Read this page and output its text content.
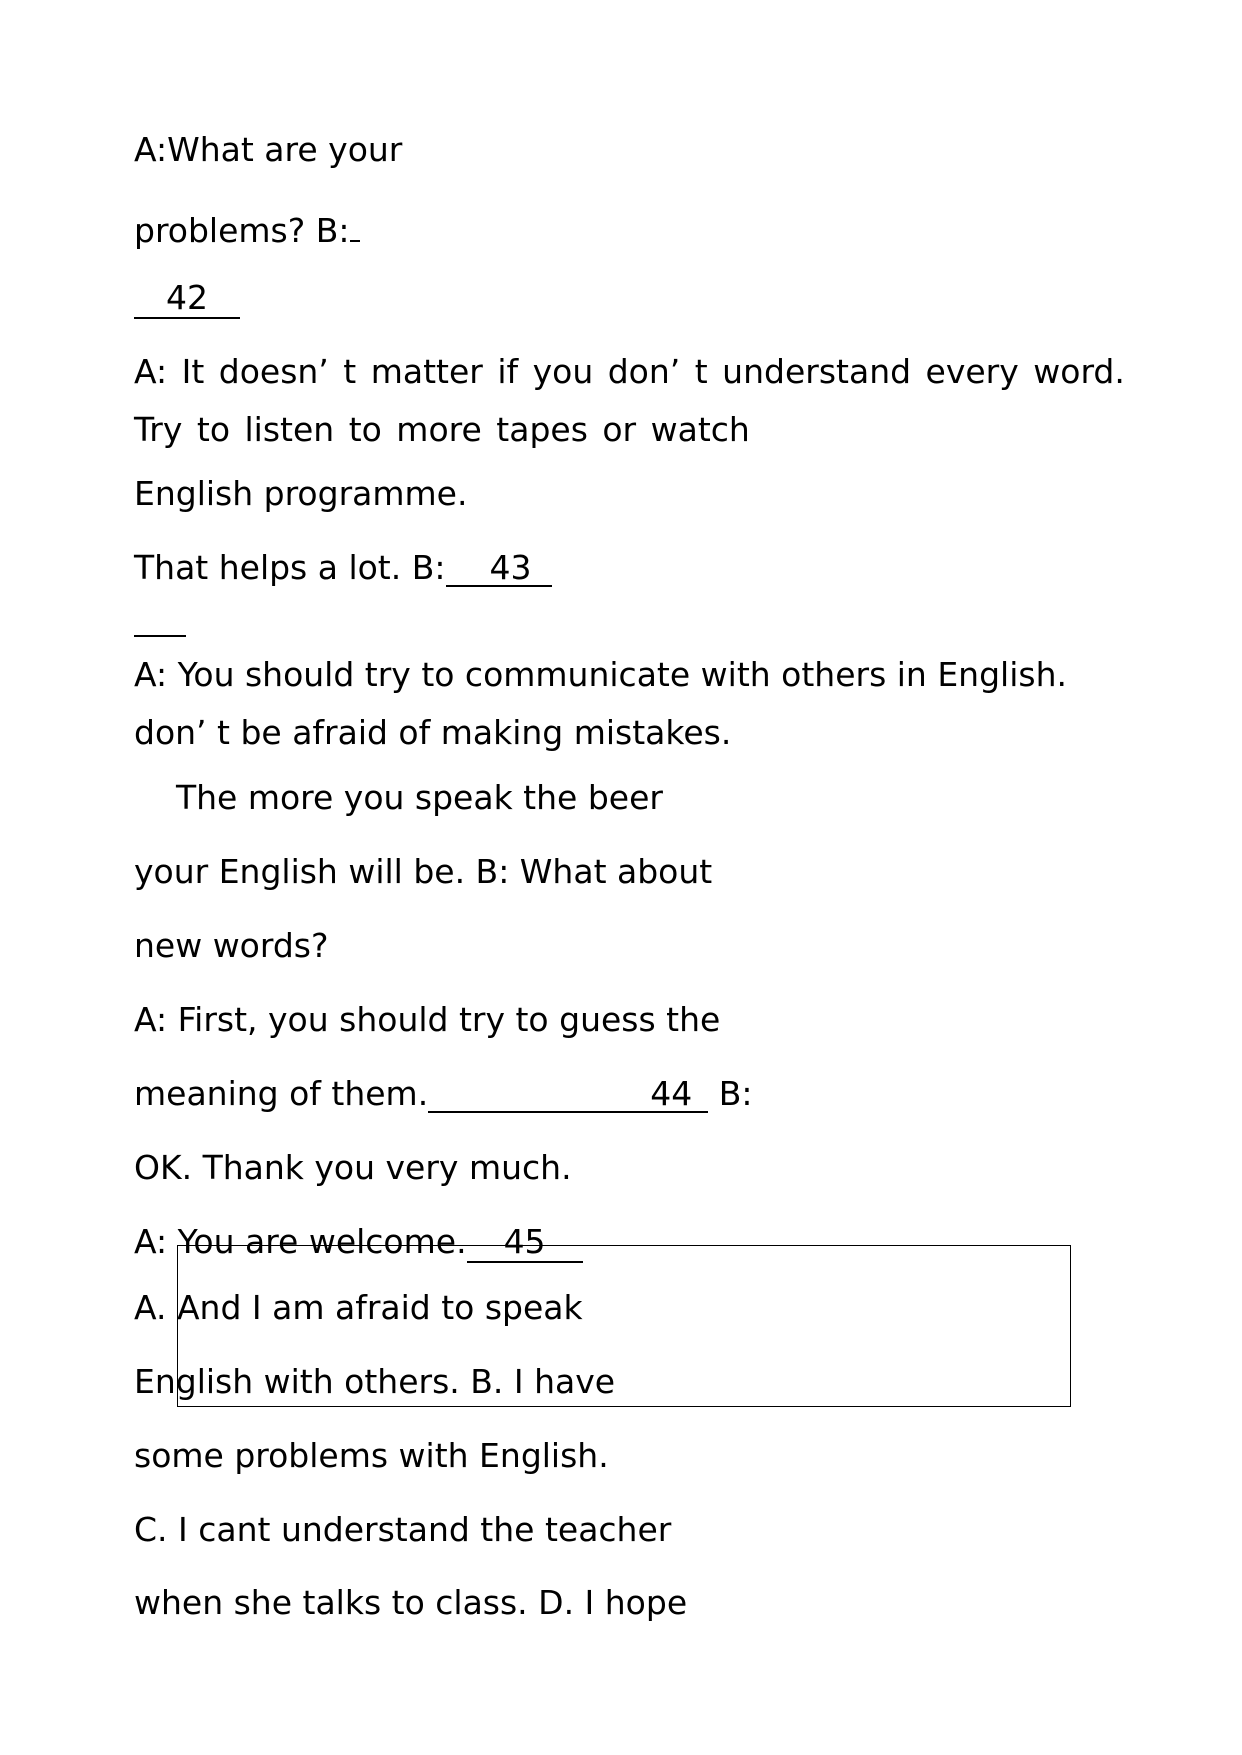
A:What are your
problems? B:
42
A: It doesn’ t matter if you don’ t understand every word.
Try to listen to more tapes or watch
English programme.
That helps a lot. B: 43
A: You should try to communicate with others in English.
don’ t be afraid of making mistakes.
The more you speak the beer
your English will be. B: What about
new words?
A: First, you should try to guess the
meaning of them.	44 B:
OK. Thank you very much.
A: You are welcome. 45
A. And I am afraid to speak
English with others. B. I have
some problems with English.
C. I cant understand the teacher
when she talks to class. D. I hope
